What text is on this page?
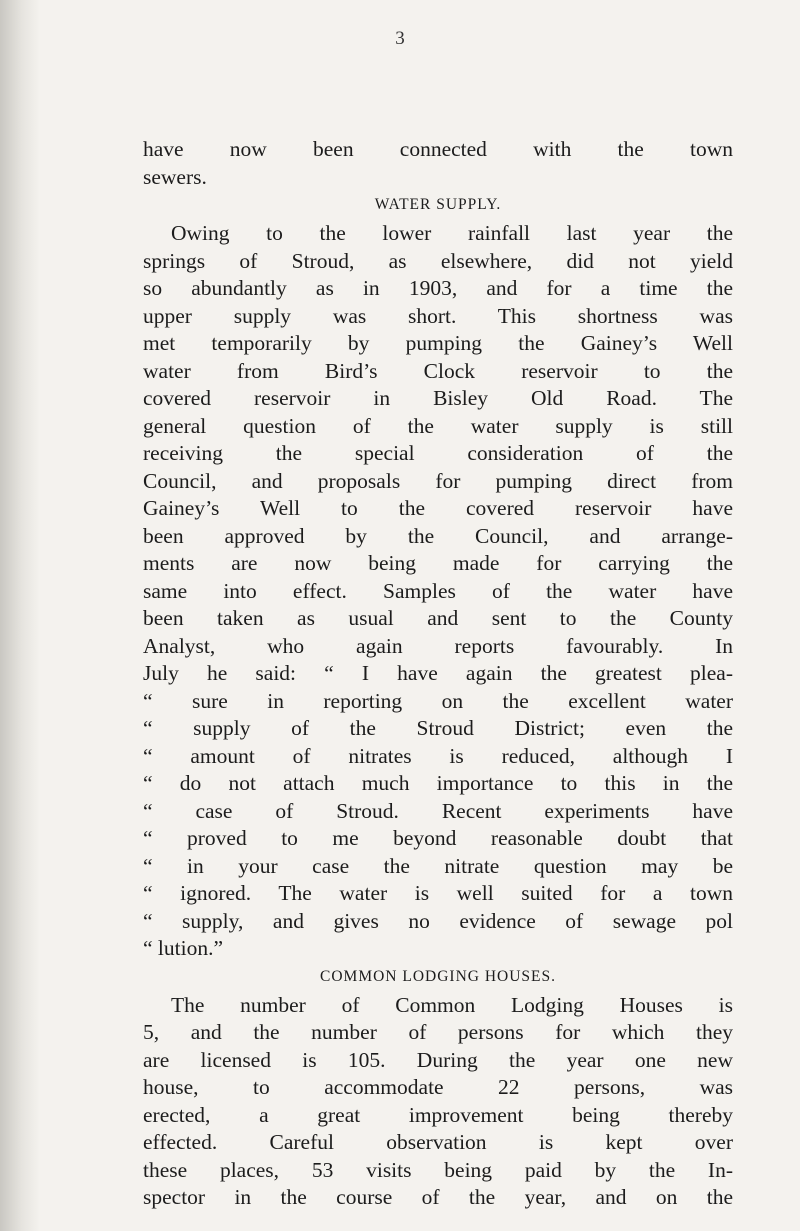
3

have now been connected with the town

sewers.

WATER SUPPLY.

Owing to the lower rainfall last year the

springs of Stroud, as elsewhere, did not yield

so abundantly as in 1903, and for a time the

upper supply was short. This shortness was

met temporarily by pumping the Gainey’s Well

water from Bird’s Clock reservoir to the

covered reservoir in Bisley Old Road. The

general question of the water supply is still

receiving the special consideration of the

Council, and proposals for pumping direct from

Gainey’s Well to the covered reservoir have

been approved by the Council, and arrange-

ments are now being made for carrying the

same into effect. Samples of the water have

been taken as usual and sent to the County

Analyst, who again reports favourably. In

July he said: “ I have again the greatest plea-

“ sure in reporting on the excellent water

“ supply of the Stroud District; even the

“ amount of nitrates is reduced, although I

“ do not attach much importance to this in the

“ case of Stroud. Recent experiments have

“ proved to me beyond reasonable doubt that

“ in your case the nitrate question may be

“ ignored. The water is well suited for a town

“ supply, and gives no evidence of sewage pol

“ lution.”

COMMON LODGING HOUSES.

The number of Common Lodging Houses is

5, and the number of persons for which they

are licensed is 105. During the year one new

house, to accommodate 22 persons, was

erected, a great improvement being thereby

effected. Careful observation is kept over

these places, 53 visits being paid by the In-

spector in the course of the year, and on the
